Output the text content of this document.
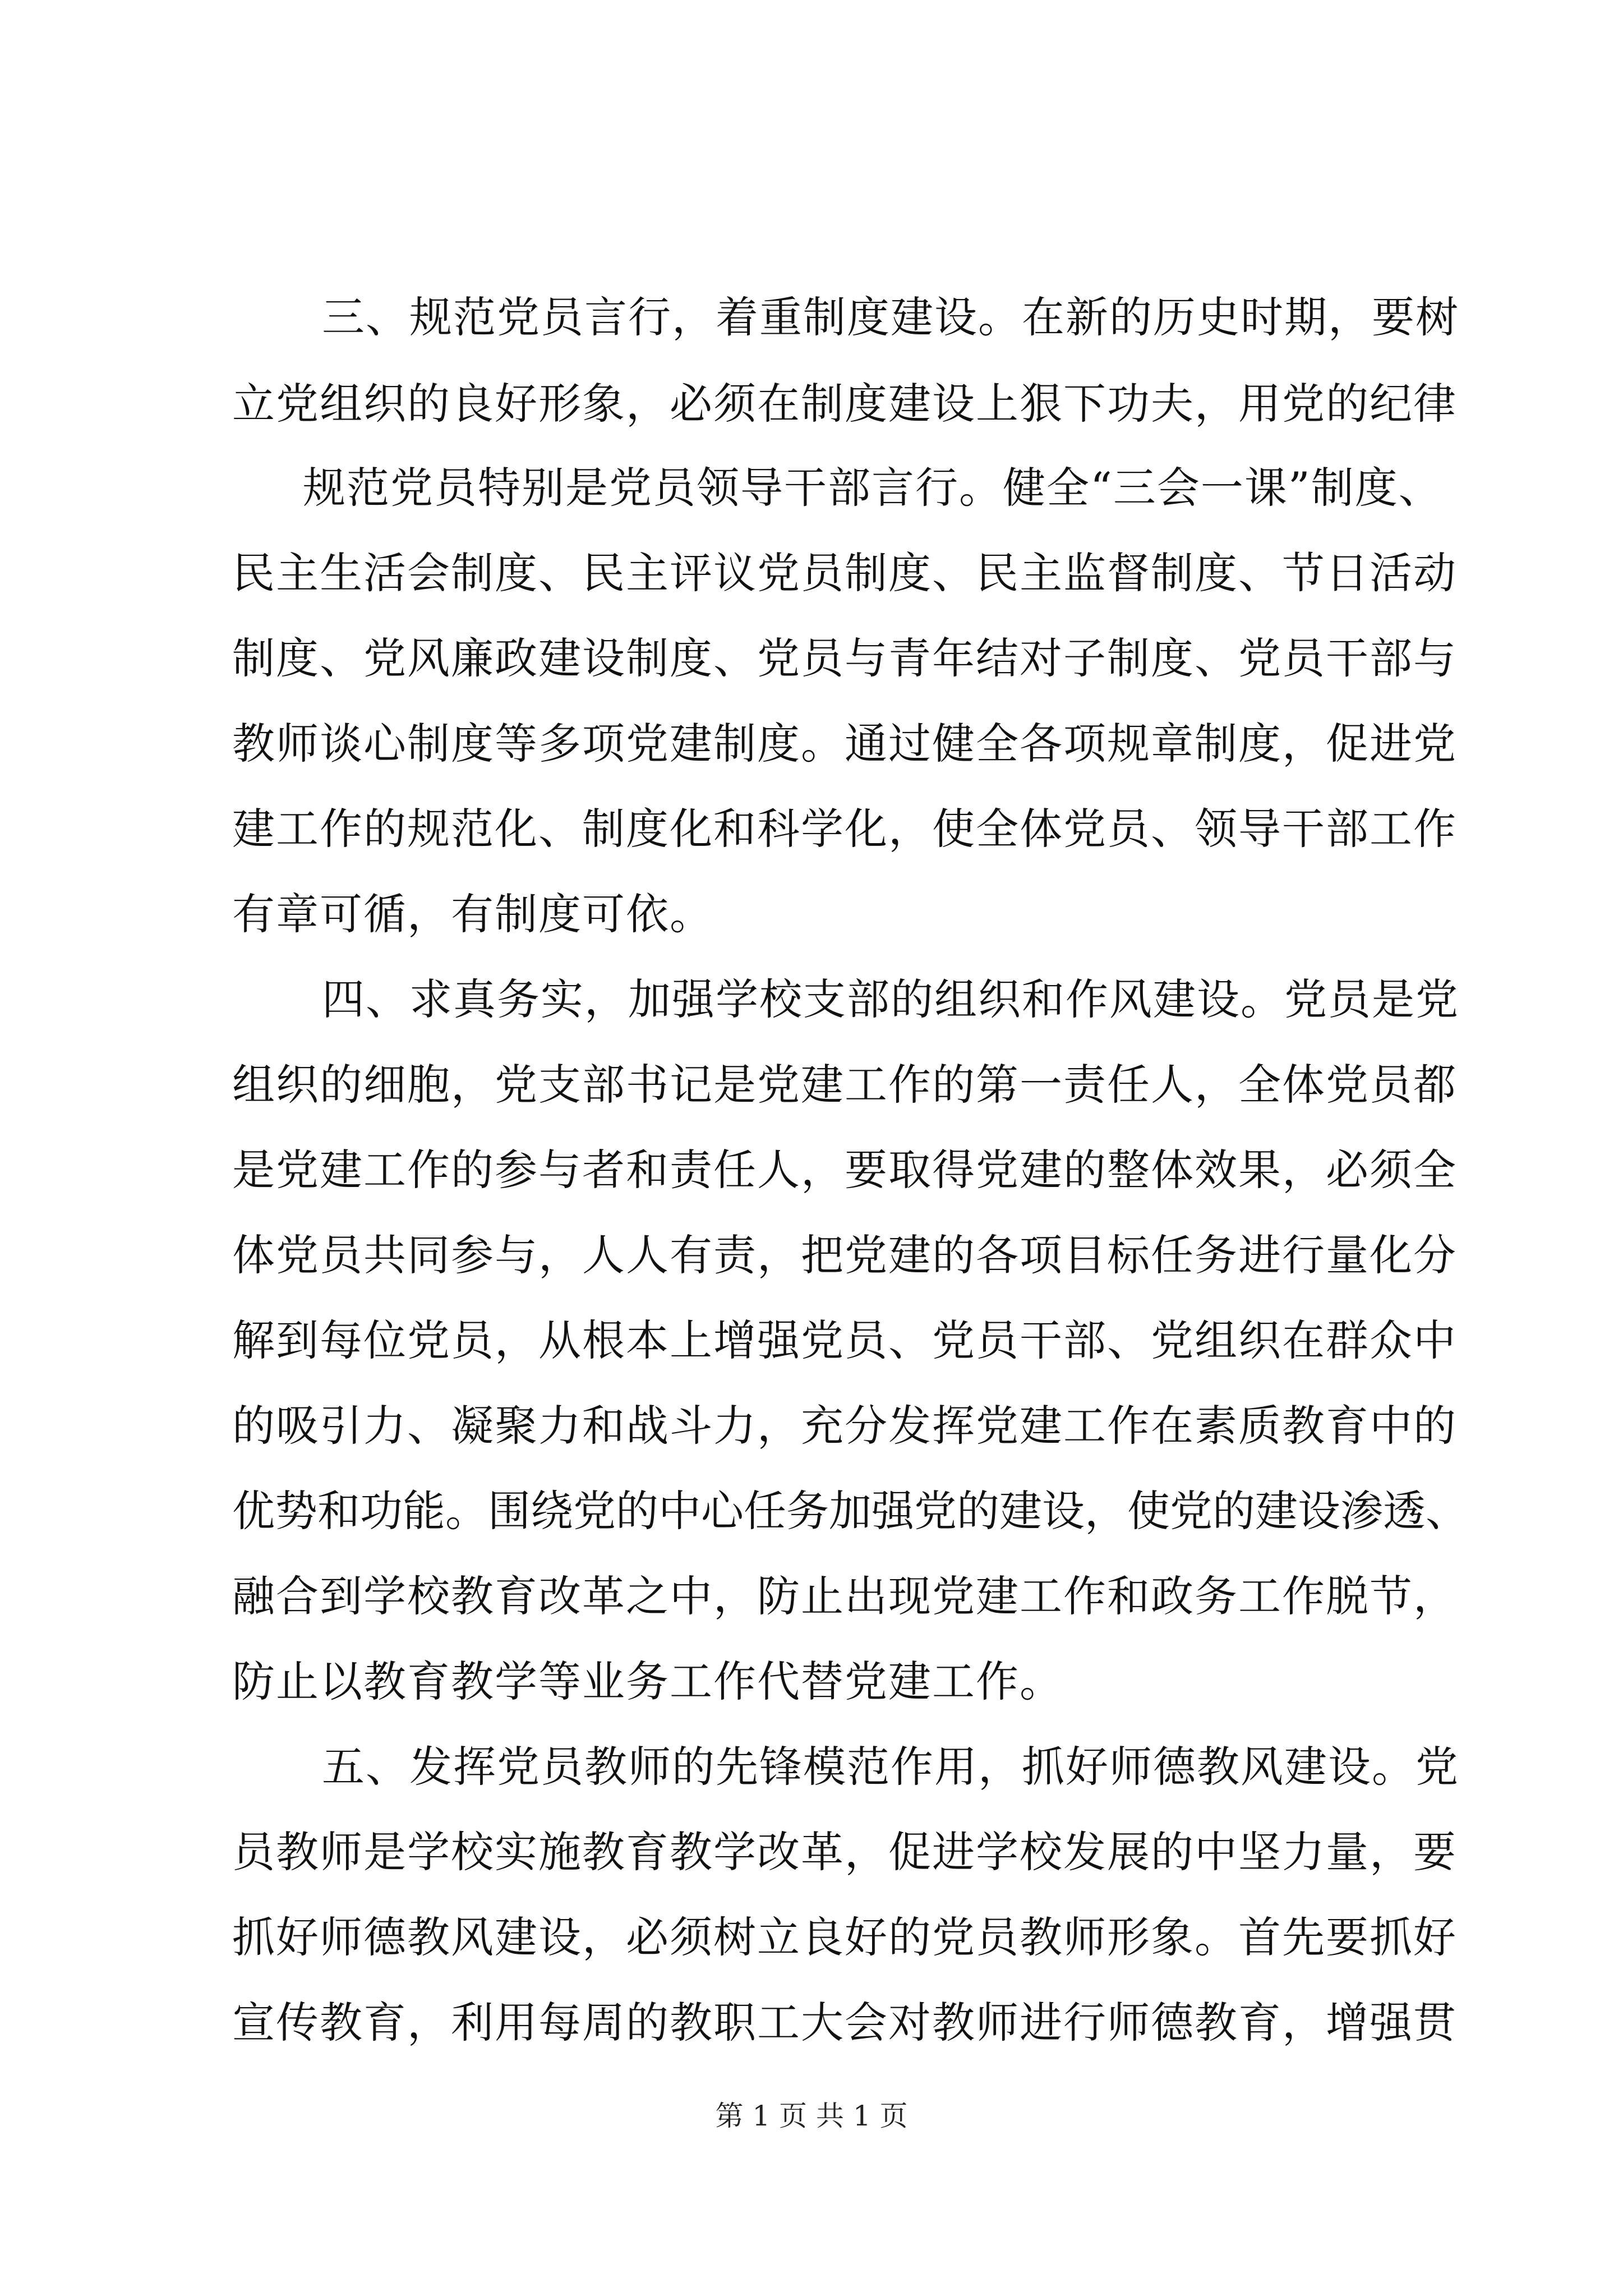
三、规范党员言行，着重制度建设。在新的历史时期，要树
立党组织的良好形象，必须在制度建设上狠下功夫，用党的纪律
规范党员特别是党员领导干部言行。健全“三会一课”制度、
民主生活会制度、民主评议党员制度、民主监督制度、节日活动
制度、党风廉政建设制度、党员与青年结对子制度、党员干部与
教师谈心制度等多项党建制度。通过健全各项规章制度，促进党
建工作的规范化、制度化和科学化，使全体党员、领导干部工作
有章可循，有制度可依。
四、求真务实，加强学校支部的组织和作风建设。党员是党
组织的细胞，党支部书记是党建工作的第一责任人，全体党员都
是党建工作的参与者和责任人，要取得党建的整体效果，必须全
体党员共同参与，人人有责，把党建的各项目标任务进行量化分
解到每位党员，从根本上增强党员、党员干部、党组织在群众中
的吸引力、凝聚力和战斗力，充分发挥党建工作在素质教育中的
优势和功能。围绕党的中心任务加强党的建设，使党的建设渗透、
融合到学校教育改革之中，防止出现党建工作和政务工作脱节，
防止以教育教学等业务工作代替党建工作。
五、发挥党员教师的先锋模范作用，抓好师德教风建设。党
员教师是学校实施教育教学改革，促进学校发展的中坚力量，要
抓好师德教风建设，必须树立良好的党员教师形象。首先要抓好
宣传教育，利用每周的教职工大会对教师进行师德教育，增强贯
第 1 页 共 1 页
